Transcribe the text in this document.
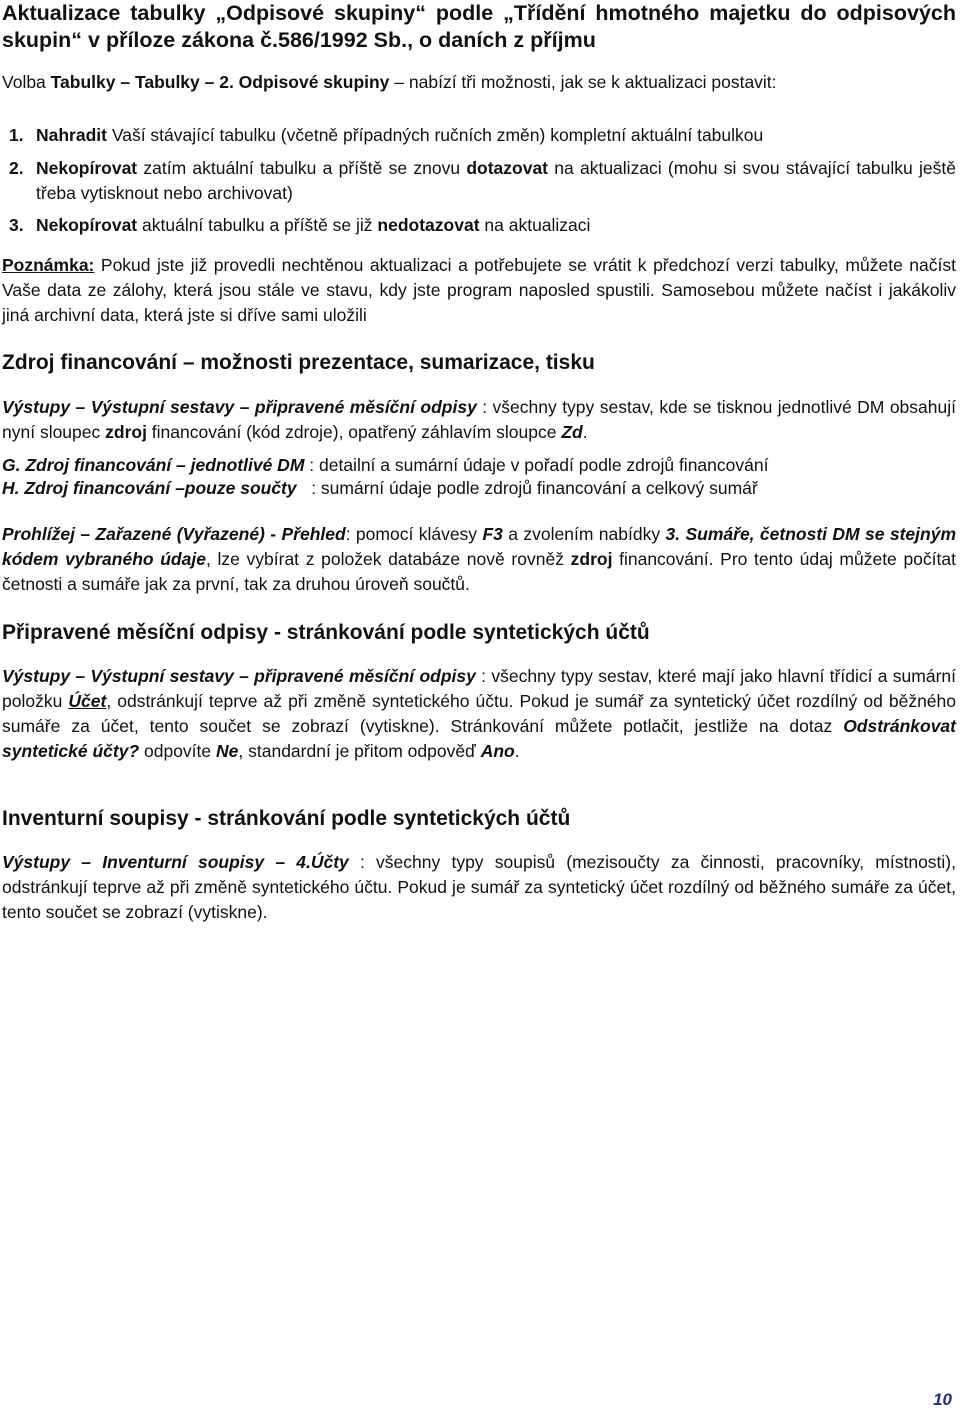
Aktualizace tabulky „Odpisové skupiny“ podle „Třídění hmotného majetku do odpisových skupin“ v příloze zákona č.586/1992 Sb., o daních z příjmu

Volba Tabulky – Tabulky – 2. Odpisové skupiny – nabízí tři možnosti, jak se k aktualizaci postavit:

1. Nahradit Vaší stávající tabulku (včetně případných ručních změn) kompletní aktuální tabulkou
2. Nekopírovat zatím aktuální tabulku a příště se znovu dotazovat na aktualizaci (mohu si svou stávající tabulku ještě třeba vytisknout nebo archivovat)
3. Nekopírovat aktuální tabulku a příště se již nedotazovat na aktualizaci

Poznámka: Pokud jste již provedli nechtěnou aktualizaci a potřebujete se vrátit k předchozí verzi tabulky, můžete načíst Vaše data ze zálohy, která jsou stále ve stavu, kdy jste program naposled spustili. Samosebou můžete načíst i jakákoliv jiná archivní data, která jste si dříve sami uložili

Zdroj financování – možnosti prezentace, sumarizace, tisku

Výstupy – Výstupní sestavy – připravené měsíční odpisy : všechny typy sestav, kde se tisknou jednotlivé DM obsahují nyní sloupec zdroj financování (kód zdroje), opatřený záhlavím sloupce Zd.

G. Zdroj financování – jednotlivé DM : detailní a sumární údaje v pořadí podle zdrojů financování

H. Zdroj financování –pouze součty   : sumární údaje podle zdrojů financování a celkový sumář

Prohlížej – Zařazené (Vyřazené) - Přehled: pomocí klávesy F3 a zvolením nabídky 3. Sumáře, četnosti DM se stejným kódem vybraného údaje, lze vybírat z položek databáze nově rovněž zdroj financování. Pro tento údaj můžete počítat četnosti a sumáře jak za první, tak za druhou úroveň součtů.

Připravené měsíční odpisy - stránkování podle syntetických účtů

Výstupy – Výstupní sestavy – připravené měsíční odpisy : všechny typy sestav, které mají jako hlavní třídicí a sumární položku Účet, odstránkují teprve až při změně syntetického účtu. Pokud je sumář za syntetický účet rozdílný od běžného sumáře za účet, tento součet se zobrazí (vytiskne). Stránkování můžete potlačit, jestliže na dotaz Odstránkovat syntetické účty? odpovíte Ne, standardní je přitom odpověď Ano.

Inventurní soupisy - stránkování podle syntetických účtů

Výstupy – Inventurní soupisy – 4.Účty : všechny typy soupisů (mezisoučty za činnosti, pracovníky, místnosti), odstránkují teprve až při změně syntetického účtu. Pokud je sumář za syntetický účet rozdílný od běžného sumáře za účet, tento součet se zobrazí (vytiskne).

10
